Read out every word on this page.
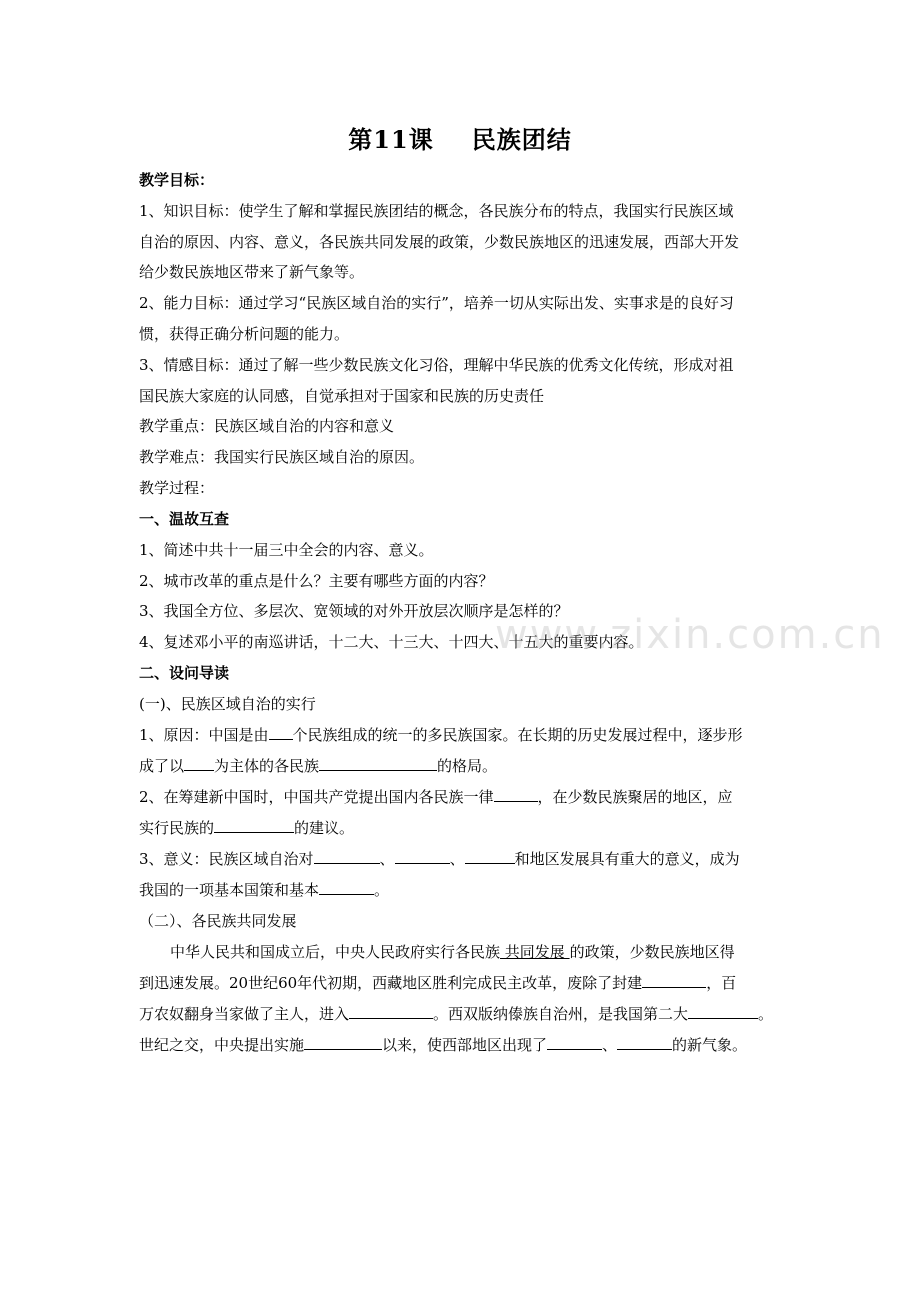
第11课 民族团结
教学目标：
1、知识目标：使学生了解和掌握民族团结的概念，各民族分布的特点，我国实行民族区域
自治的原因、内容、意义，各民族共同发展的政策，少数民族地区的迅速发展，西部大开发
给少数民族地区带来了新气象等。
2、能力目标：通过学习“民族区域自治的实行”，培养一切从实际出发、实事求是的良好习
惯，获得正确分析问题的能力。
3、情感目标：通过了解一些少数民族文化习俗，理解中华民族的优秀文化传统，形成对祖
国民族大家庭的认同感，自觉承担对于国家和民族的历史责任
教学重点：民族区域自治的内容和意义
教学难点：我国实行民族区域自治的原因。
教学过程：
一、温故互查
1、简述中共十一届三中全会的内容、意义。
2、城市改革的重点是什么？主要有哪些方面的内容？
3、我国全方位、多层次、宽领域的对外开放层次顺序是怎样的？
4、复述邓小平的南巡讲话，十二大、十三大、十四大、十五大的重要内容。
二、设问导读
(一)、民族区域自治的实行
1、原因：中国是由 个民族组成的统一的多民族国家。在长期的历史发展过程中，逐步形
成了以 为主体的各民族	的格局。
2、在筹建新中国时，中国共产党提出国内各民族一律	，在少数民族聚居的地区，应
实行民族的	的建议。
3、意义：民族区域自治对	、	、	和地区发展具有重大的意义，成为
我国的一项基本国策和基本	。
（二）、各民族共同发展
中华人民共和国成立后，中央人民政府实行各民族 共同发展 的政策，少数民族地区得
到迅速发展。20世纪60年代初期，西藏地区胜利完成民主改革，废除了封建	，百
万农奴翻身当家做了主人，进入	。西双版纳傣族自治州，是我国第二大	。
世纪之交，中央提出实施	以来，使西部地区出现了	、	的新气象。
www.zixin.com.cn
